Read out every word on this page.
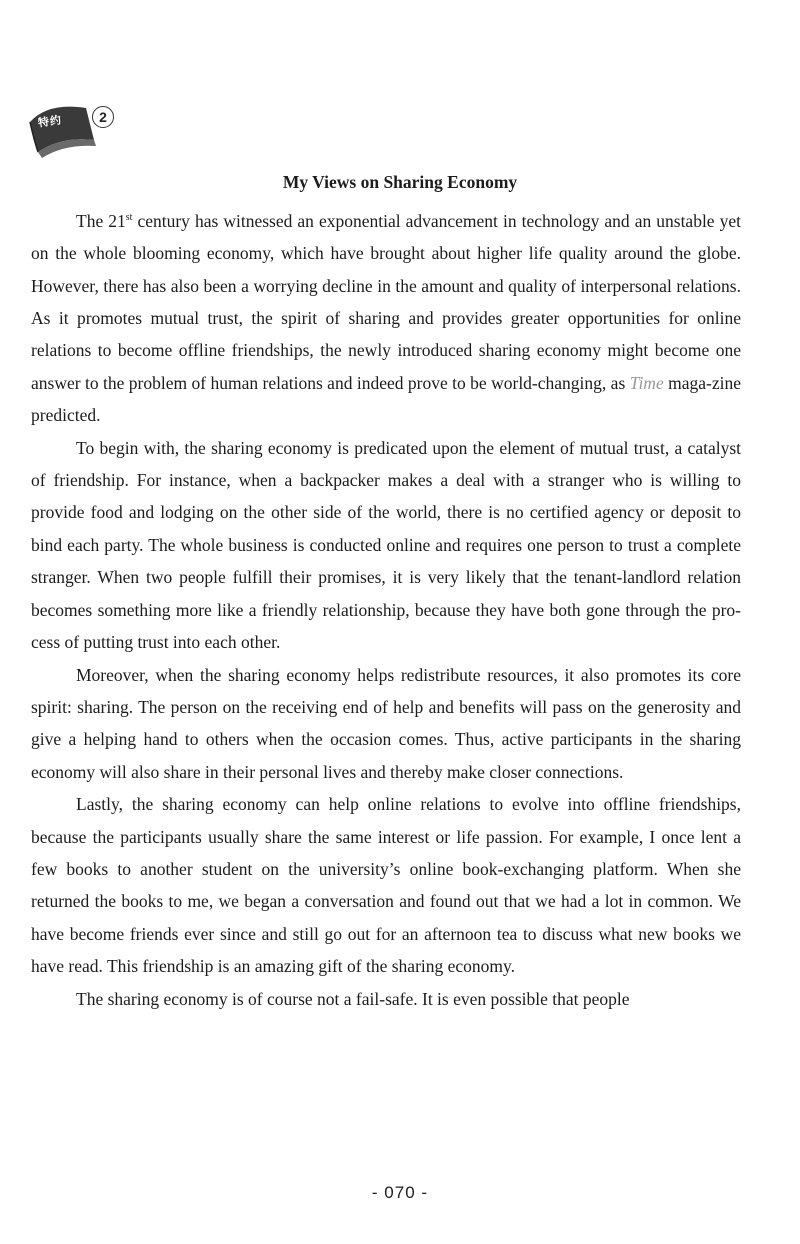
特约	2
My Views on Sharing Economy

The 21st century has witnessed an exponential advancement in technology and an unstable yet on the whole blooming economy, which have brought about higher life quality around the globe. However, there has also been a worrying decline in the amount and quality of interpersonal relations. As it promotes mutual trust, the spirit of sharing and provides greater opportunities for online relations to become offline friendships, the newly introduced sharing economy might become one answer to the problem of human relations and indeed prove to be world-changing, as Time maga-zine predicted.

To begin with, the sharing economy is predicated upon the element of mutual trust, a catalyst of friendship. For instance, when a backpacker makes a deal with a stranger who is willing to provide food and lodging on the other side of the world, there is no certified agency or deposit to bind each party. The whole business is conducted online and requires one person to trust a complete stranger. When two people fulfill their promises, it is very likely that the tenant-landlord relation becomes something more like a friendly relationship, because they have both gone through the process of putting trust into each other.

Moreover, when the sharing economy helps redistribute resources, it also promotes its core spirit: sharing. The person on the receiving end of help and benefits will pass on the generosity and give a helping hand to others when the occasion comes. Thus, active participants in the sharing economy will also share in their personal lives and thereby make closer connections.

Lastly, the sharing economy can help online relations to evolve into offline friendships, because the participants usually share the same interest or life passion. For example, I once lent a few books to another student on the university’s online book-exchanging platform. When she returned the books to me, we began a conversation and found out that we had a lot in common. We have become friends ever since and still go out for an afternoon tea to discuss what new books we have read. This friendship is an amazing gift of the sharing economy.

The sharing economy is of course not a fail-safe. It is even possible that people

- 070 -
